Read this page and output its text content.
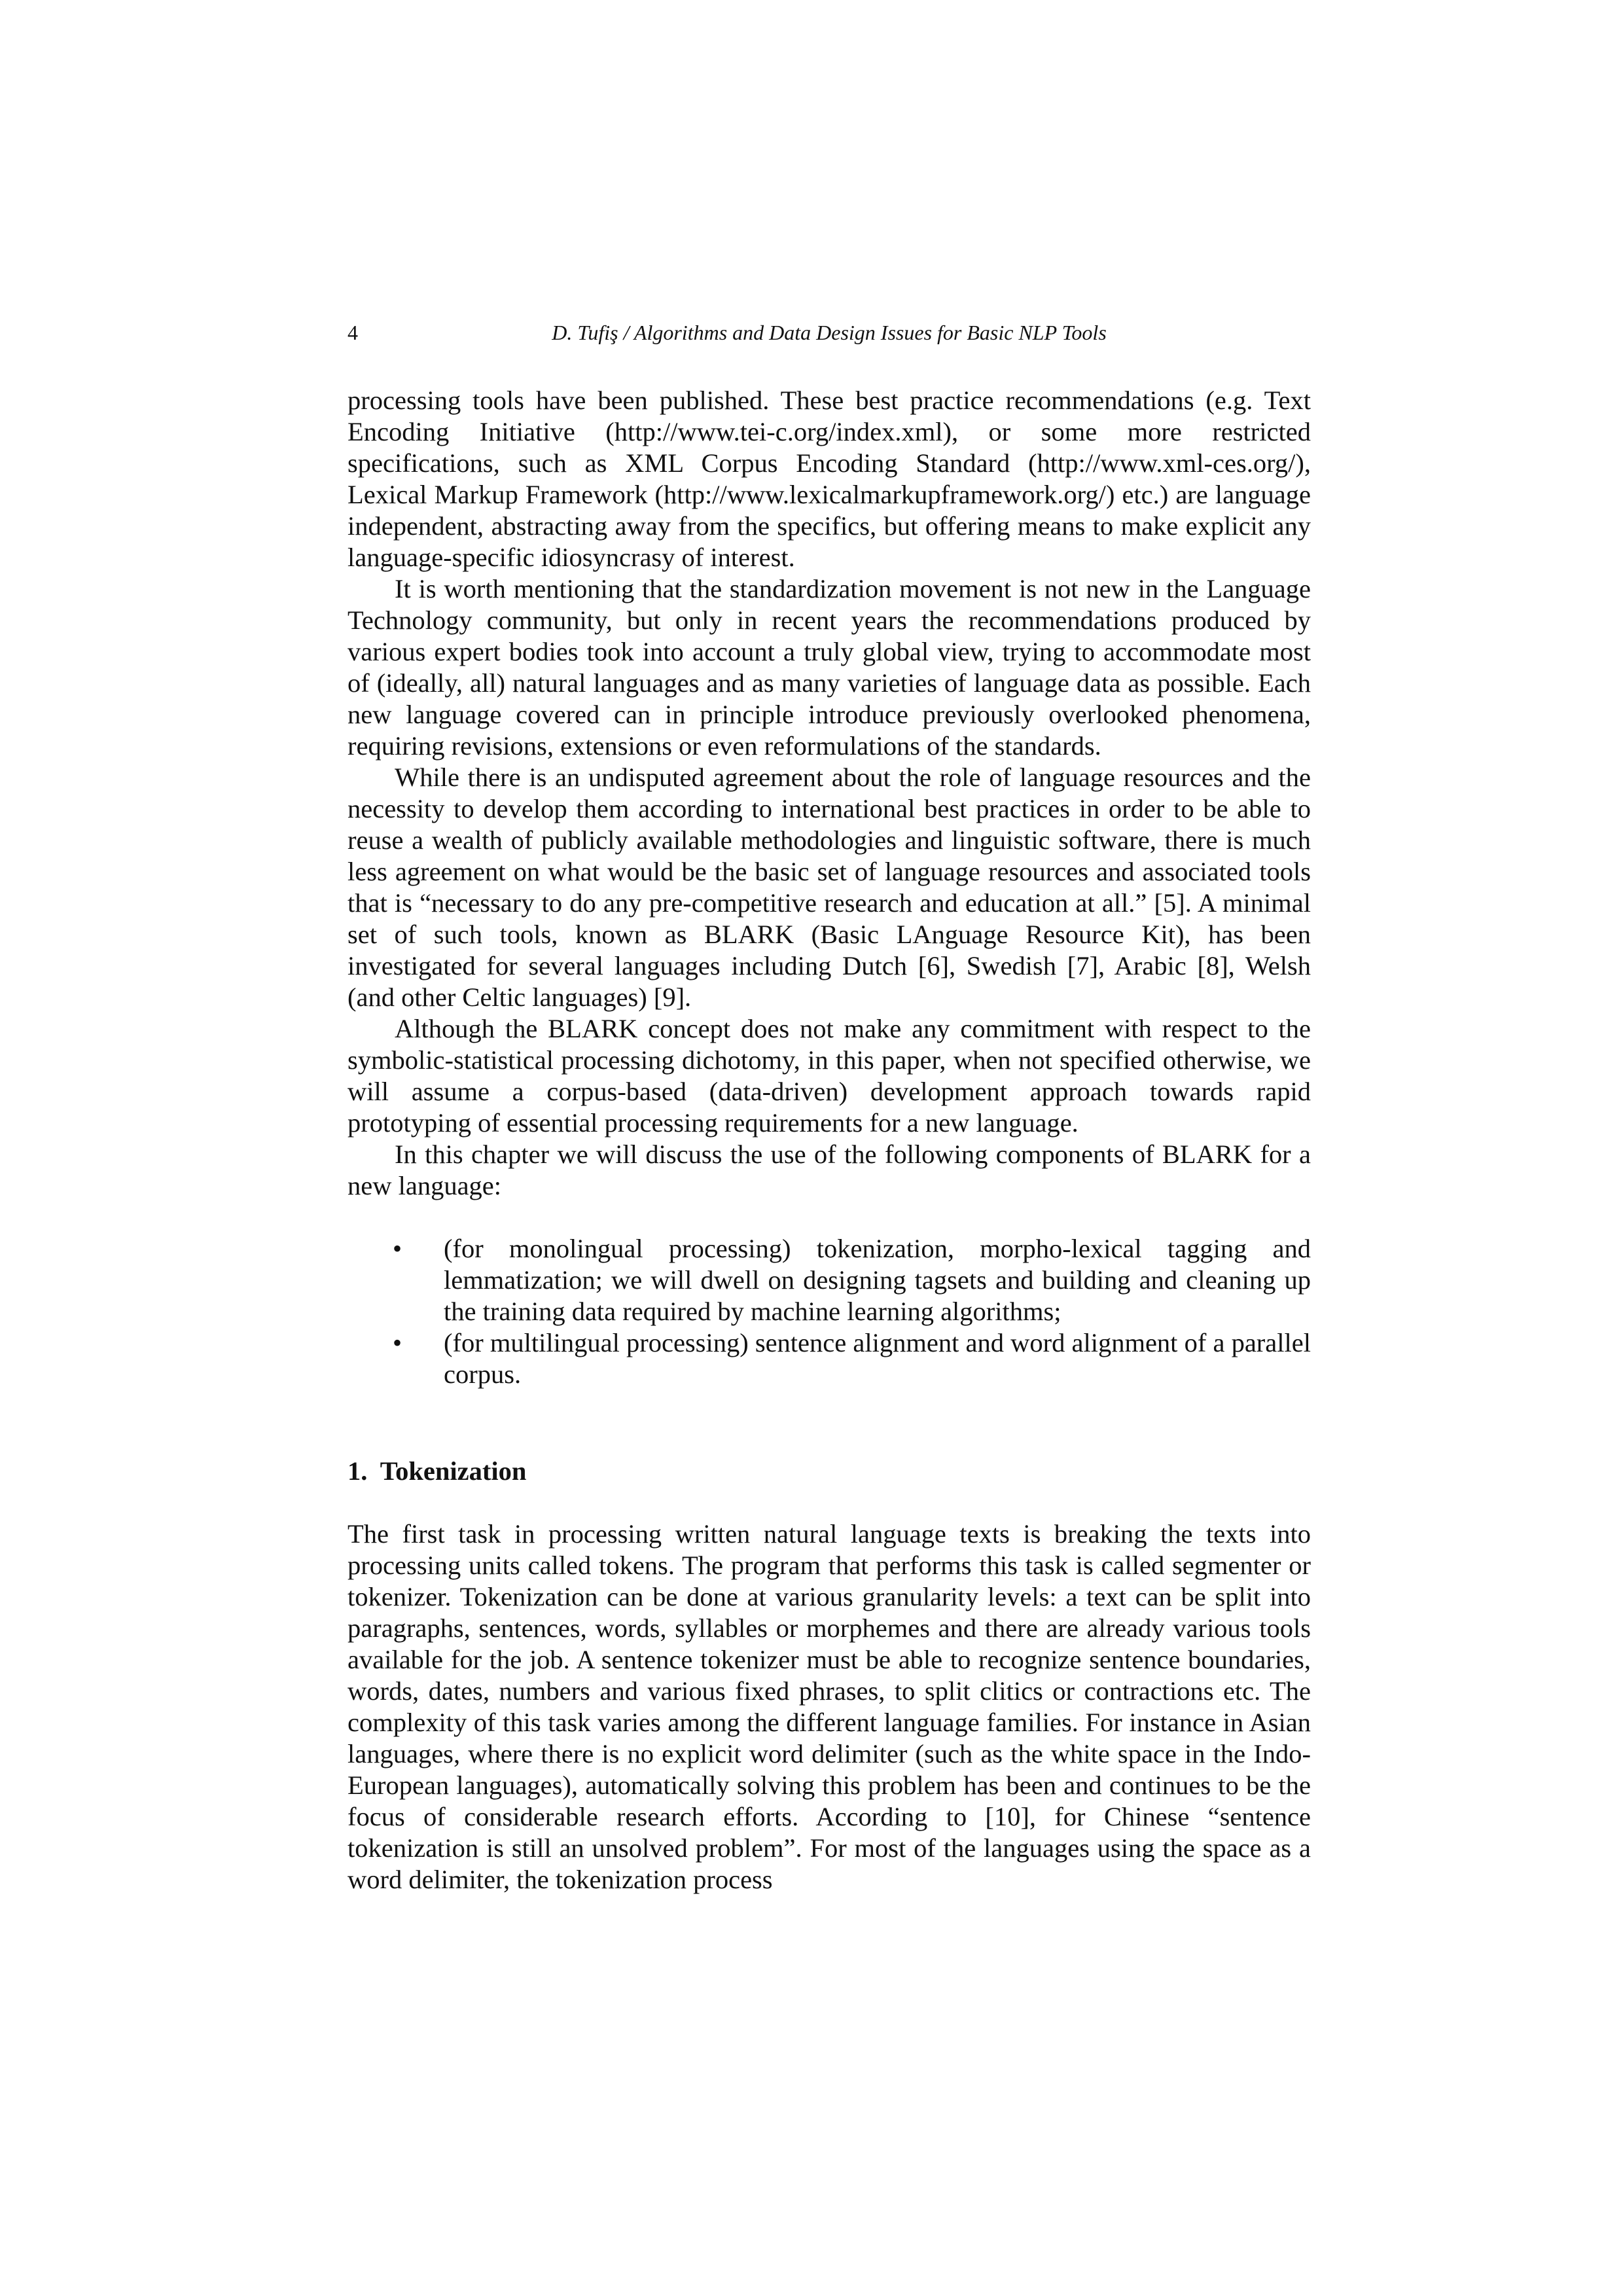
4	D. Tufiş / Algorithms and Data Design Issues for Basic NLP Tools

processing tools have been published. These best practice recommendations (e.g. Text Encoding Initiative (http://www.tei-c.org/index.xml), or some more restricted specifications, such as XML Corpus Encoding Standard (http://www.xml-ces.org/), Lexical Markup Framework (http://www.lexicalmarkupframework.org/) etc.) are language independent, abstracting away from the specifics, but offering means to make explicit any language-specific idiosyncrasy of interest.

It is worth mentioning that the standardization movement is not new in the Language Technology community, but only in recent years the recommendations produced by various expert bodies took into account a truly global view, trying to accommodate most of (ideally, all) natural languages and as many varieties of language data as possible. Each new language covered can in principle introduce previously overlooked phenomena, requiring revisions, extensions or even reformulations of the standards.

While there is an undisputed agreement about the role of language resources and the necessity to develop them according to international best practices in order to be able to reuse a wealth of publicly available methodologies and linguistic software, there is much less agreement on what would be the basic set of language resources and associated tools that is “necessary to do any pre-competitive research and education at all.” [5]. A minimal set of such tools, known as BLARK (Basic LAnguage Resource Kit), has been investigated for several languages including Dutch [6], Swedish [7], Arabic [8], Welsh (and other Celtic languages) [9].

Although the BLARK concept does not make any commitment with respect to the symbolic-statistical processing dichotomy, in this paper, when not specified otherwise, we will assume a corpus-based (data-driven) development approach towards rapid prototyping of essential processing requirements for a new language.

In this chapter we will discuss the use of the following components of BLARK for a new language:

• (for monolingual processing) tokenization, morpho-lexical tagging and lemmatization; we will dwell on designing tagsets and building and cleaning up the training data required by machine learning algorithms;
• (for multilingual processing) sentence alignment and word alignment of a parallel corpus.
1. Tokenization

The first task in processing written natural language texts is breaking the texts into processing units called tokens. The program that performs this task is called segmenter or tokenizer. Tokenization can be done at various granularity levels: a text can be split into paragraphs, sentences, words, syllables or morphemes and there are already various tools available for the job. A sentence tokenizer must be able to recognize sentence boundaries, words, dates, numbers and various fixed phrases, to split clitics or contractions etc. The complexity of this task varies among the different language families. For instance in Asian languages, where there is no explicit word delimiter (such as the white space in the Indo-European languages), automatically solving this problem has been and continues to be the focus of considerable research efforts. According to [10], for Chinese “sentence tokenization is still an unsolved problem”. For most of the languages using the space as a word delimiter, the tokenization process
